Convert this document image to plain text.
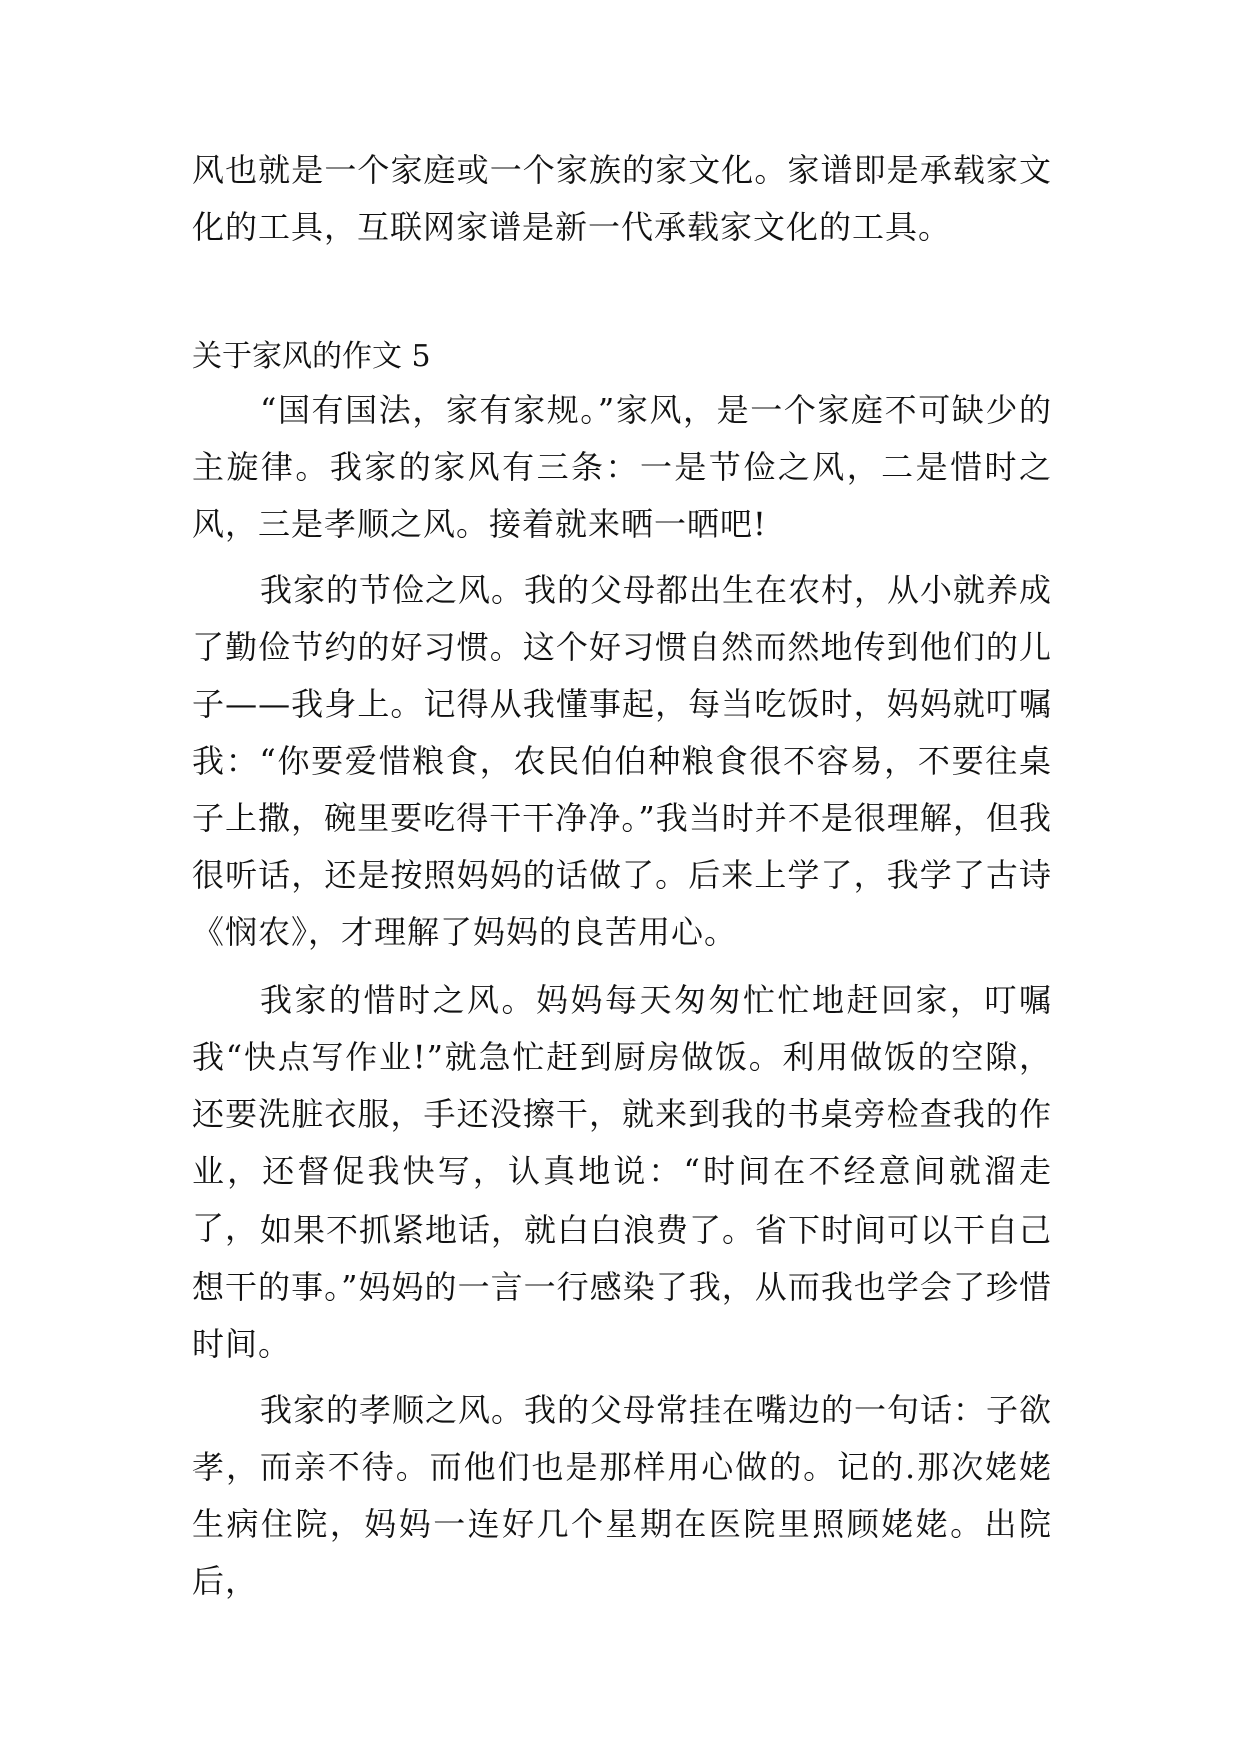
风也就是一个家庭或一个家族的家文化。家谱即是承载家文化的工具，互联网家谱是新一代承载家文化的工具。

关于家风的作文 5

“国有国法，家有家规。”家风，是一个家庭不可缺少的主旋律。我家的家风有三条：一是节俭之风，二是惜时之风，三是孝顺之风。接着就来晒一晒吧!

我家的节俭之风。我的父母都出生在农村，从小就养成了勤俭节约的好习惯。这个好习惯自然而然地传到他们的儿子——我身上。记得从我懂事起，每当吃饭时，妈妈就叮嘱我：“你要爱惜粮食，农民伯伯种粮食很不容易，不要往桌子上撒，碗里要吃得干干净净。”我当时并不是很理解，但我很听话，还是按照妈妈的话做了。后来上学了，我学了古诗《悯农》，才理解了妈妈的良苦用心。

我家的惜时之风。妈妈每天匆匆忙忙地赶回家，叮嘱我“快点写作业!”就急忙赶到厨房做饭。利用做饭的空隙，还要洗脏衣服，手还没擦干，就来到我的书桌旁检查我的作业，还督促我快写，认真地说：“时间在不经意间就溜走了， 如果不抓紧地话，就白白浪费了。省下时间可以干自己想干的事。”妈妈的一言一行感染了我，从而我也学会了珍惜时间。

我家的孝顺之风。我的父母常挂在嘴边的一句话：子欲孝，而亲不待。而他们也是那样用心做的。记的.那次姥姥生病住院，妈妈一连好几个星期在医院里照顾姥姥。出院后，
